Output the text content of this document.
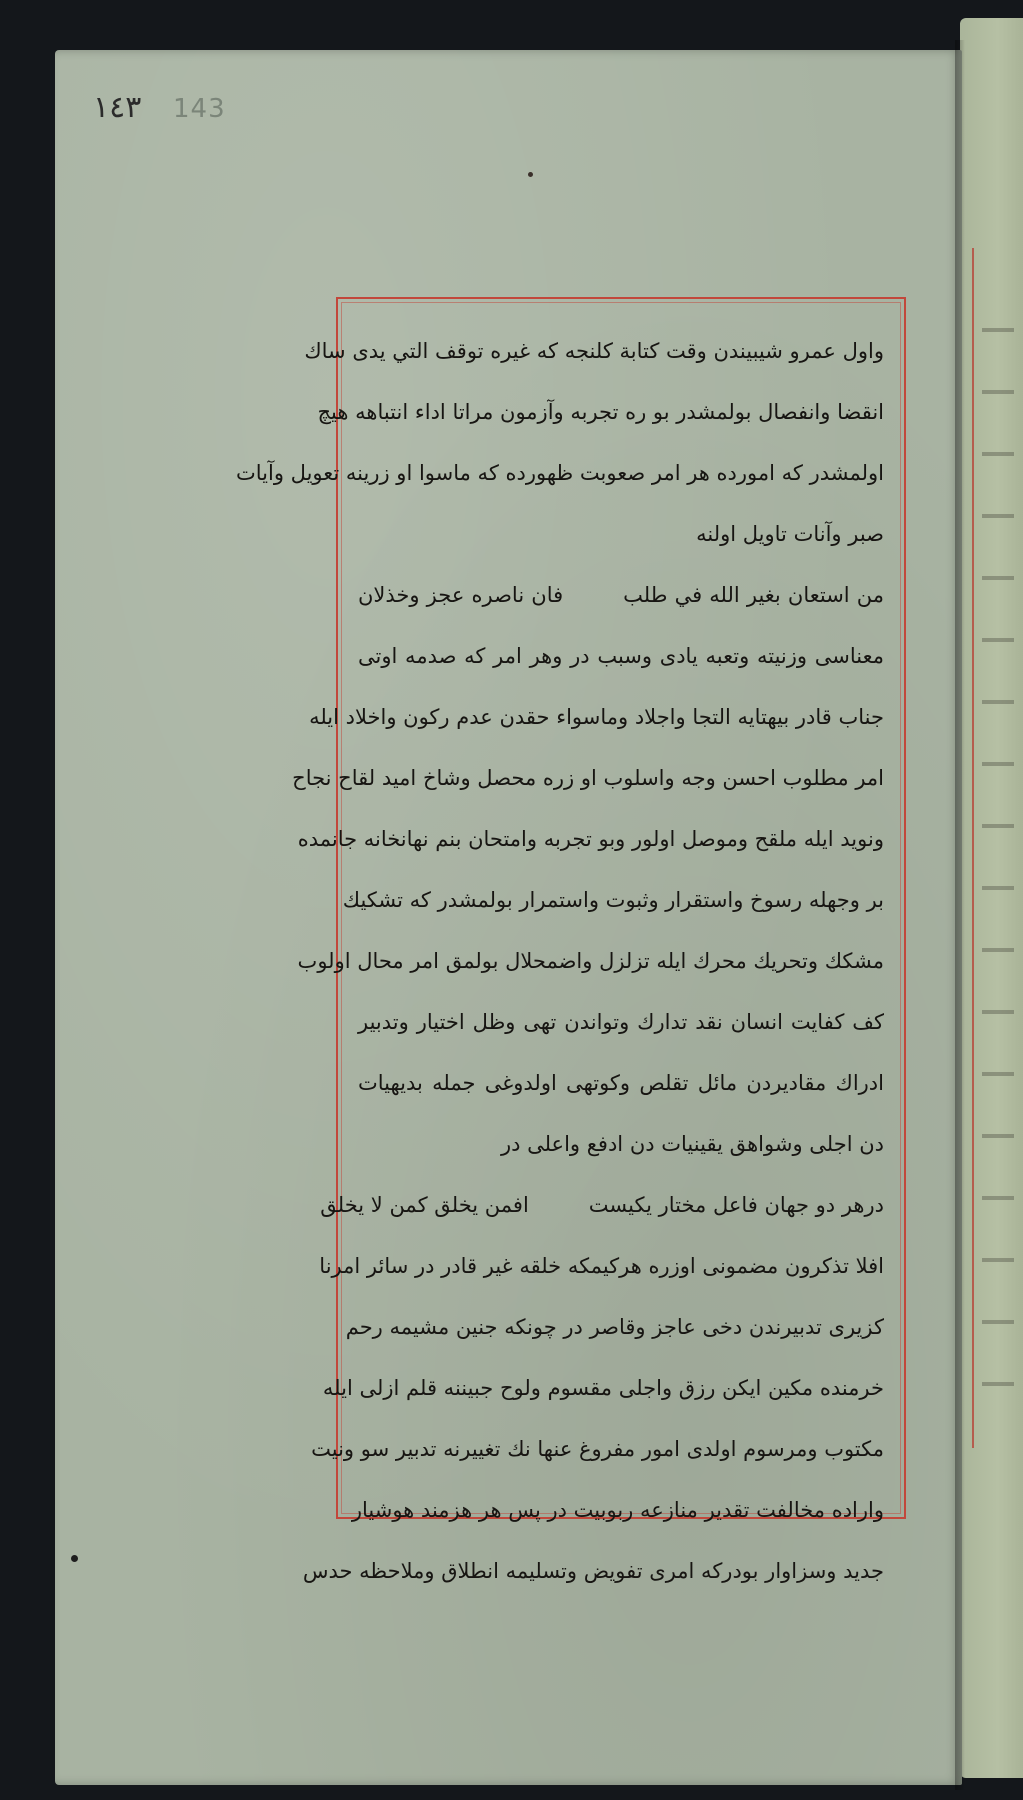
١٤٣ 143
واول عمرو شيبيندن وقت كتابة كلنجه كه غيره توقف التي يدى ساك
انقضا وانفصال بولمشدر بو ره تجربه وآزمون مراتا اداء انتباهه هيچ
اولمشدر كه امورده هر امر صعوبت ظهورده كه ماسوا او زرينه تعويل وآيات
صبر وآنات تاويل اولنه
من استعان بغير الله في طلبفان ناصره عجز وخذلان
معناسى وزنيته وتعبه يادى وسبب در وهر امر كه صدمه اوتى
جناب قادر بيهتايه التجا واجلاد وماسواء حقدن عدم ركون واخلاد ايله
امر مطلوب احسن وجه واسلوب او زره محصل وشاخ اميد لقاح نجاح
ونويد ايله ملقح وموصل اولور وبو تجربه وامتحان بنم نهانخانه جانمده
بر وجهله رسوخ واستقرار وثبوت واستمرار بولمشدر كه تشكيك
مشكك وتحريك محرك ايله تزلزل واضمحلال بولمق امر محال اولوب
كف كفايت انسان نقد تدارك وتواندن تهى وظل اختيار وتدبير
ادراك مقاديردن مائل تقلص وكوتهى اولدوغى جمله بديهيات
دن اجلى وشواهق يقينيات دن ادفع واعلى در
درهر دو جهان فاعل مختار يكيستافمن يخلق كمن لا يخلق
افلا تذكرون مضمونى اوزره هركيمكه خلقه غير قادر در سائر امرنا
كزيرى تدبيرندن دخى عاجز وقاصر در چونكه جنين مشيمه رحم
خرمنده مكين ايكن رزق واجلى مقسوم ولوح جبيننه قلم ازلى ايله
مكتوب ومرسوم اولدى امور مفروغ عنها نك تغييرنه تدبير سو ونيت
واراده مخالفت تقدير منازعه ربوبيت در پس هر هزمند هوشيار
جديد وسزاوار بودركه امرى تفويض وتسليمه انطلاق وملاحظه حدس
